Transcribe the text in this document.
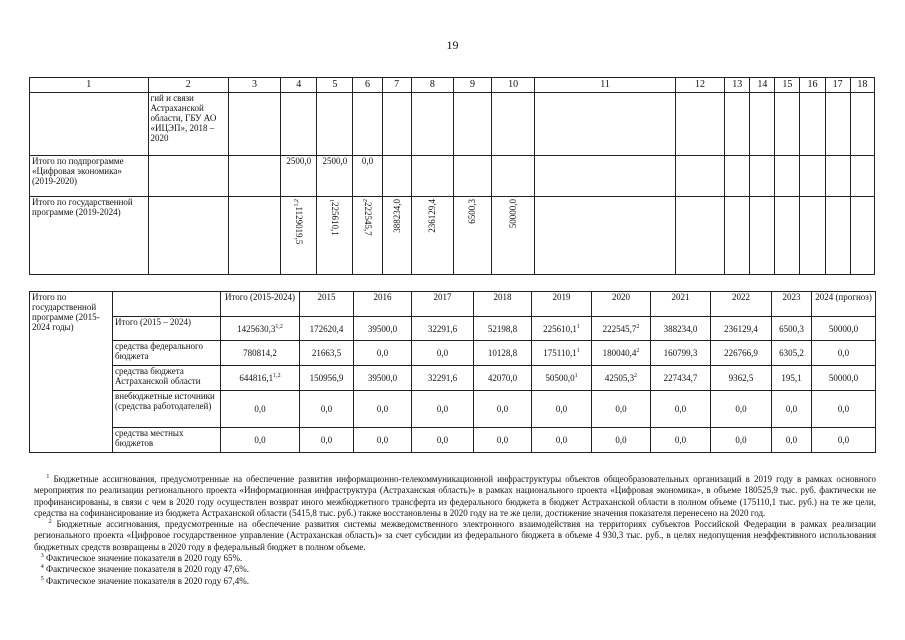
19
1	2	3	4	5	6	7	8	9	10	11	12	13	14	15	16	17	18
	гий и связи Астраханской области, ГБУ АО «ИЦЭП», 2018 – 2020																
Итого по подпрограмме «Цифровая экономика» (2019-2020)			2500,0	2500,0	0,0												
Итого по государственной программе (2019-2024)			1129019,5$^{1,2}$	225610,1$^1$	222545,7$^2$	388234,0	236129,4	6500,3	50000,0								
Итого по государственной программе (2015-2024 годы)		Итого (2015-2024)	2015	2016	2017	2018	2019	2020	2021	2022	2023	2024 (прогноз)
	Итого (2015 – 2024)	1425630,3$^{1,2}$	172620,4	39500,0	32291,6	52198,8	225610,1$^1$	222545,7$^2$	388234,0	236129,4	6500,3	50000,0
	средства федерального бюджета	780814,2	21663,5	0,0	0,0	10128,8	175110,1$^1$	180040,4$^2$	160799,3	226766,9	6305,2	0,0
	средства бюджета Астраханской области	644816,1$^{1,2}$	150956,9	39500,0	32291,6	42070,0	50500,0$^1$	42505,3$^2$	227434,7	9362,5	195,1	50000,0
	внебюджетные источники (средства работодателей)	0,0	0,0	0,0	0,0	0,0	0,0	0,0	0,0	0,0	0,0	0,0
	средства местных бюджетов	0,0	0,0	0,0	0,0	0,0	0,0	0,0	0,0	0,0	0,0	0,0

$^1$ Бюджетные ассигнования, предусмотренные на обеспечение развития информационно-телекоммуникационной инфраструктуры объектов общеобразовательных организаций в 2019 году в рамках основного мероприятия по реализации регионального проекта «Информационная инфраструктура (Астраханская область)» в рамках национального проекта «Цифровая экономика», в объеме 180525,9 тыс. руб. фактически не профинансированы, в связи с чем в 2020 году осуществлен возврат иного межбюджетного трансферта из федерального бюджета в бюджет Астраханской области в полном объеме (175110,1 тыс. руб.) на те же цели, средства на софинансирование из бюджета Астраханской области (5415,8 тыс. руб.) также восстановлены в 2020 году на те же цели, достижение значения показателя перенесено на 2020 год.

$^2$ Бюджетные ассигнования, предусмотренные на обеспечение развития системы межведомственного электронного взаимодействия на территориях субъектов Российской Федерации в рамках реализации регионального проекта «Цифровое государственное управление (Астраханская область)» за счет субсидии из федерального бюджета в объеме 4 930,3 тыс. руб., в целях недопущения неэффективного использования бюджетных средств возвращены в 2020 году в федеральный бюджет в полном объеме.

$^3$ Фактическое значение показателя в 2020 году 65%.

$^4$ Фактическое значение показателя в 2020 году 47,6%.

$^5$ Фактическое значение показателя в 2020 году 67,4%.
